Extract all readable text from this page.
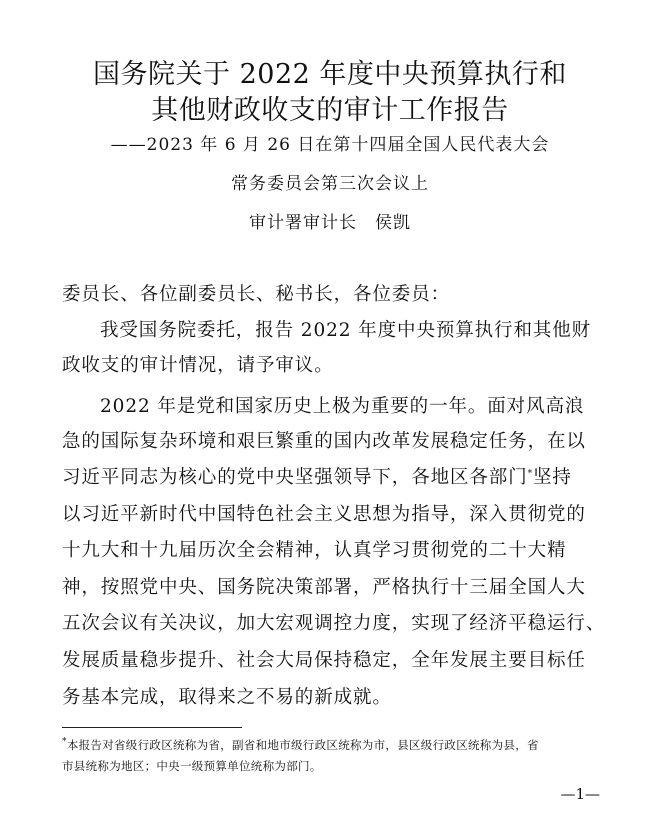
国务院关于 2022 年度中央预算执行和
其他财政收支的审计工作报告
——2023 年 6 月 26 日在第十四届全国人民代表大会
常务委员会第三次会议上
审计署审计长　侯凯
委员长、各位副委员长、秘书长，各位委员：
我受国务院委托，报告 2022 年度中央预算执行和其他财
政收支的审计情况，请予审议。
2022 年是党和国家历史上极为重要的一年。面对风高浪
急的国际复杂环境和艰巨繁重的国内改革发展稳定任务，在以
习近平同志为核心的党中央坚强领导下，各地区各部门*坚持
以习近平新时代中国特色社会主义思想为指导，深入贯彻党的
十九大和十九届历次全会精神，认真学习贯彻党的二十大精
神，按照党中央、国务院决策部署，严格执行十三届全国人大
五次会议有关决议，加大宏观调控力度，实现了经济平稳运行、
发展质量稳步提升、社会大局保持稳定，全年发展主要目标任
务基本完成，取得来之不易的新成就。
*本报告对省级行政区统称为省，副省和地市级行政区统称为市，县区级行政区统称为县，省
市县统称为地区；中央一级预算单位统称为部门。
—1—
